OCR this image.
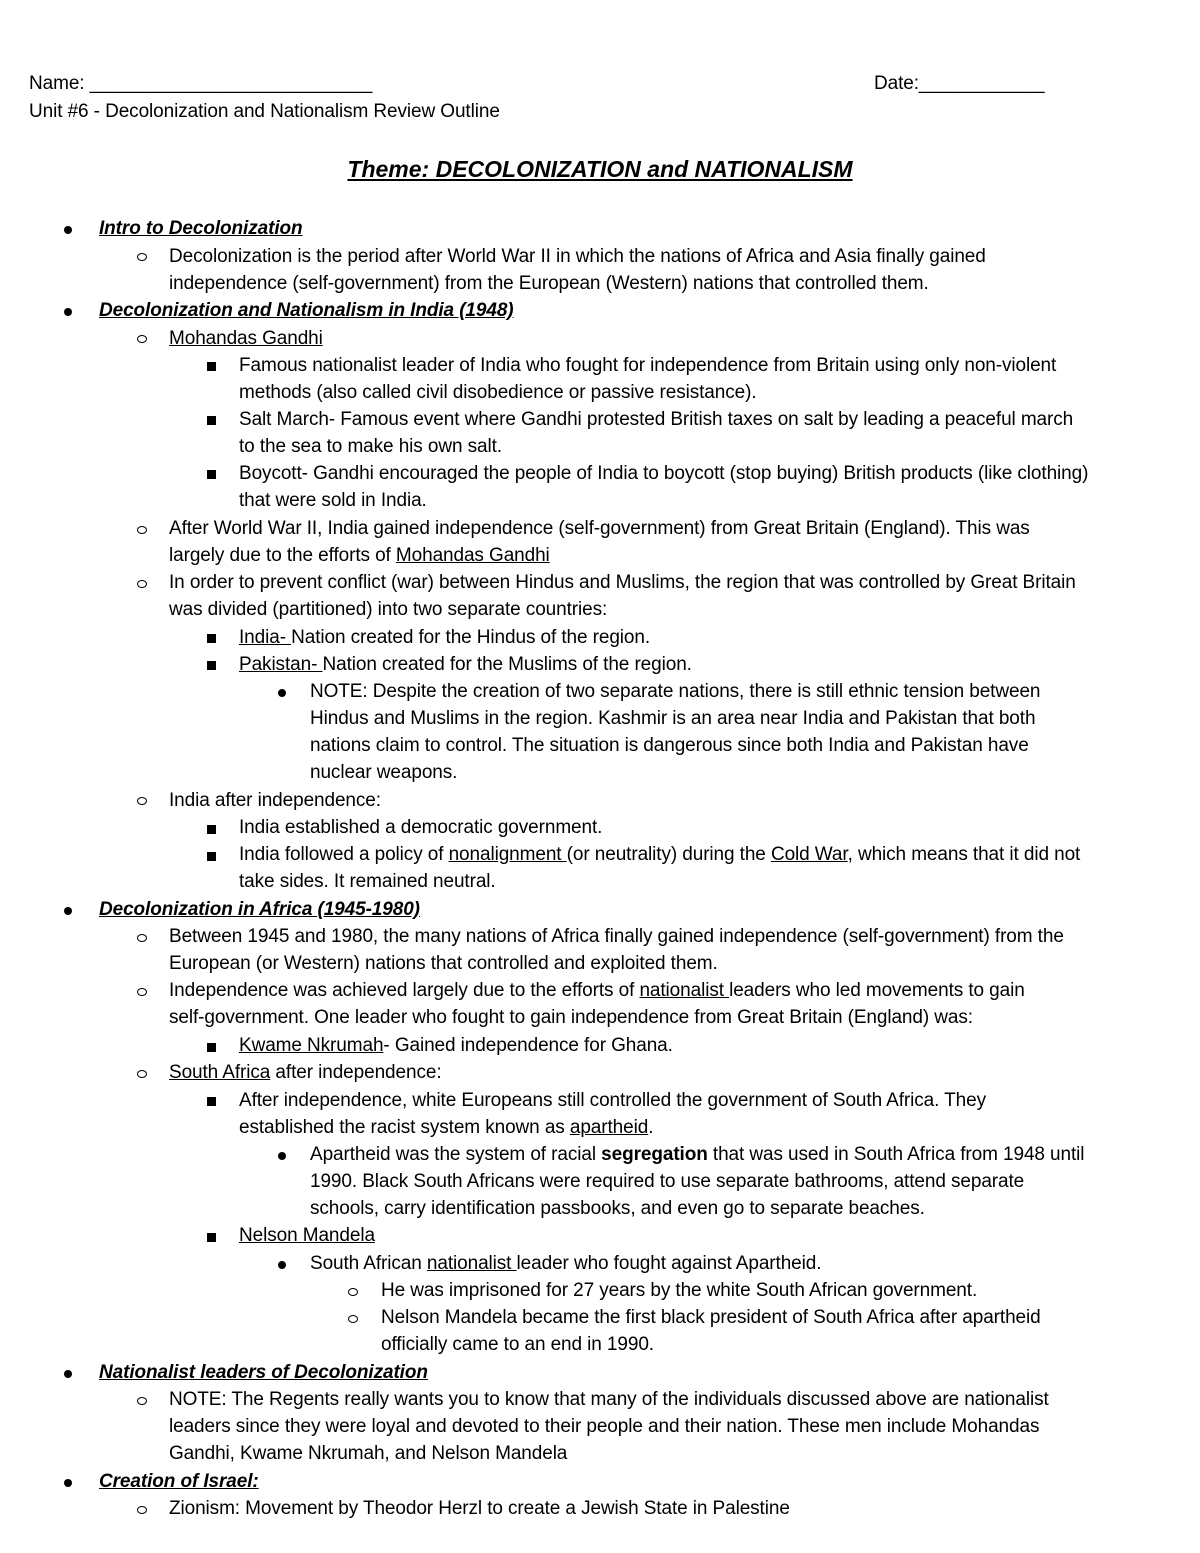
Name: ___________________________	Date:____________
Unit #6 - Decolonization and Nationalism Review Outline
Theme: DECOLONIZATION and NATIONALISM
Intro to Decolonization
Decolonization is the period after World War II in which the nations of Africa and Asia finally gained
independence (self-government) from the European (Western) nations that controlled them.
Decolonization and Nationalism in India (1948)
Mohandas Gandhi
Famous nationalist leader of India who fought for independence from Britain using only non-violent
methods (also called civil disobedience or passive resistance).
Salt March- Famous event where Gandhi protested British taxes on salt by leading a peaceful march
to the sea to make his own salt.
Boycott- Gandhi encouraged the people of India to boycott (stop buying) British products (like clothing)
that were sold in India.
After World War II, India gained independence (self-government) from Great Britain (England). This was
largely due to the efforts of Mohandas Gandhi
In order to prevent conflict (war) between Hindus and Muslims, the region that was controlled by Great Britain
was divided (partitioned) into two separate countries:
India- Nation created for the Hindus of the region.
Pakistan- Nation created for the Muslims of the region.
NOTE: Despite the creation of two separate nations, there is still ethnic tension between
Hindus and Muslims in the region. Kashmir is an area near India and Pakistan that both
nations claim to control. The situation is dangerous since both India and Pakistan have
nuclear weapons.
India after independence:
India established a democratic government.
India followed a policy of nonalignment (or neutrality) during the Cold War, which means that it did not
take sides. It remained neutral.
Decolonization in Africa (1945-1980)
Between 1945 and 1980, the many nations of Africa finally gained independence (self-government) from the
European (or Western) nations that controlled and exploited them.
Independence was achieved largely due to the efforts of nationalist leaders who led movements to gain
self-government. One leader who fought to gain independence from Great Britain (England) was:
Kwame Nkrumah- Gained independence for Ghana.
South Africa after independence:
After independence, white Europeans still controlled the government of South Africa. They
established the racist system known as apartheid.
Apartheid was the system of racial segregation that was used in South Africa from 1948 until
1990. Black South Africans were required to use separate bathrooms, attend separate
schools, carry identification passbooks, and even go to separate beaches.
Nelson Mandela
South African nationalist leader who fought against Apartheid.
He was imprisoned for 27 years by the white South African government.
Nelson Mandela became the first black president of South Africa after apartheid
officially came to an end in 1990.
Nationalist leaders of Decolonization
NOTE: The Regents really wants you to know that many of the individuals discussed above are nationalist
leaders since they were loyal and devoted to their people and their nation. These men include Mohandas
Gandhi, Kwame Nkrumah, and Nelson Mandela
Creation of Israel:
Zionism: Movement by Theodor Herzl to create a Jewish State in Palestine
